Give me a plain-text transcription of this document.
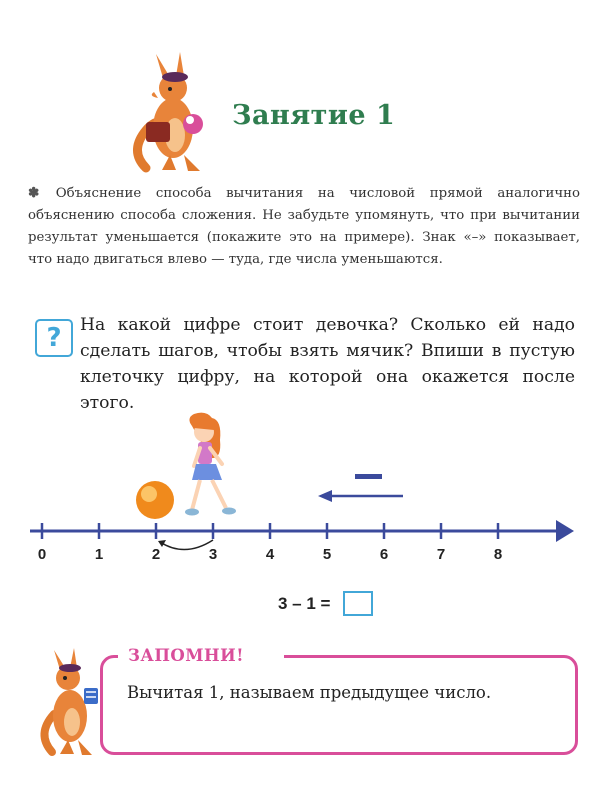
Занятие 1
✽ Объяснение способа вычитания на числовой прямой аналогично объяснению способа сложения. Не забудьте упомянуть, что при вычитании результат уменьшается (покажите это на примере). Знак «–» показывает, что надо двигаться влево — туда, где числа уменьшаются.
?	На какой цифре стоит девочка? Сколько ей надо сделать шагов, чтобы взять мячик? Впиши в пустую клеточку цифру, на которой она окажется после этого.
0	1	2	3	4	5	6	7	8
3 – 1 =
ЗАПОМНИ!
Вычитая 1, называем предыдущее число.
